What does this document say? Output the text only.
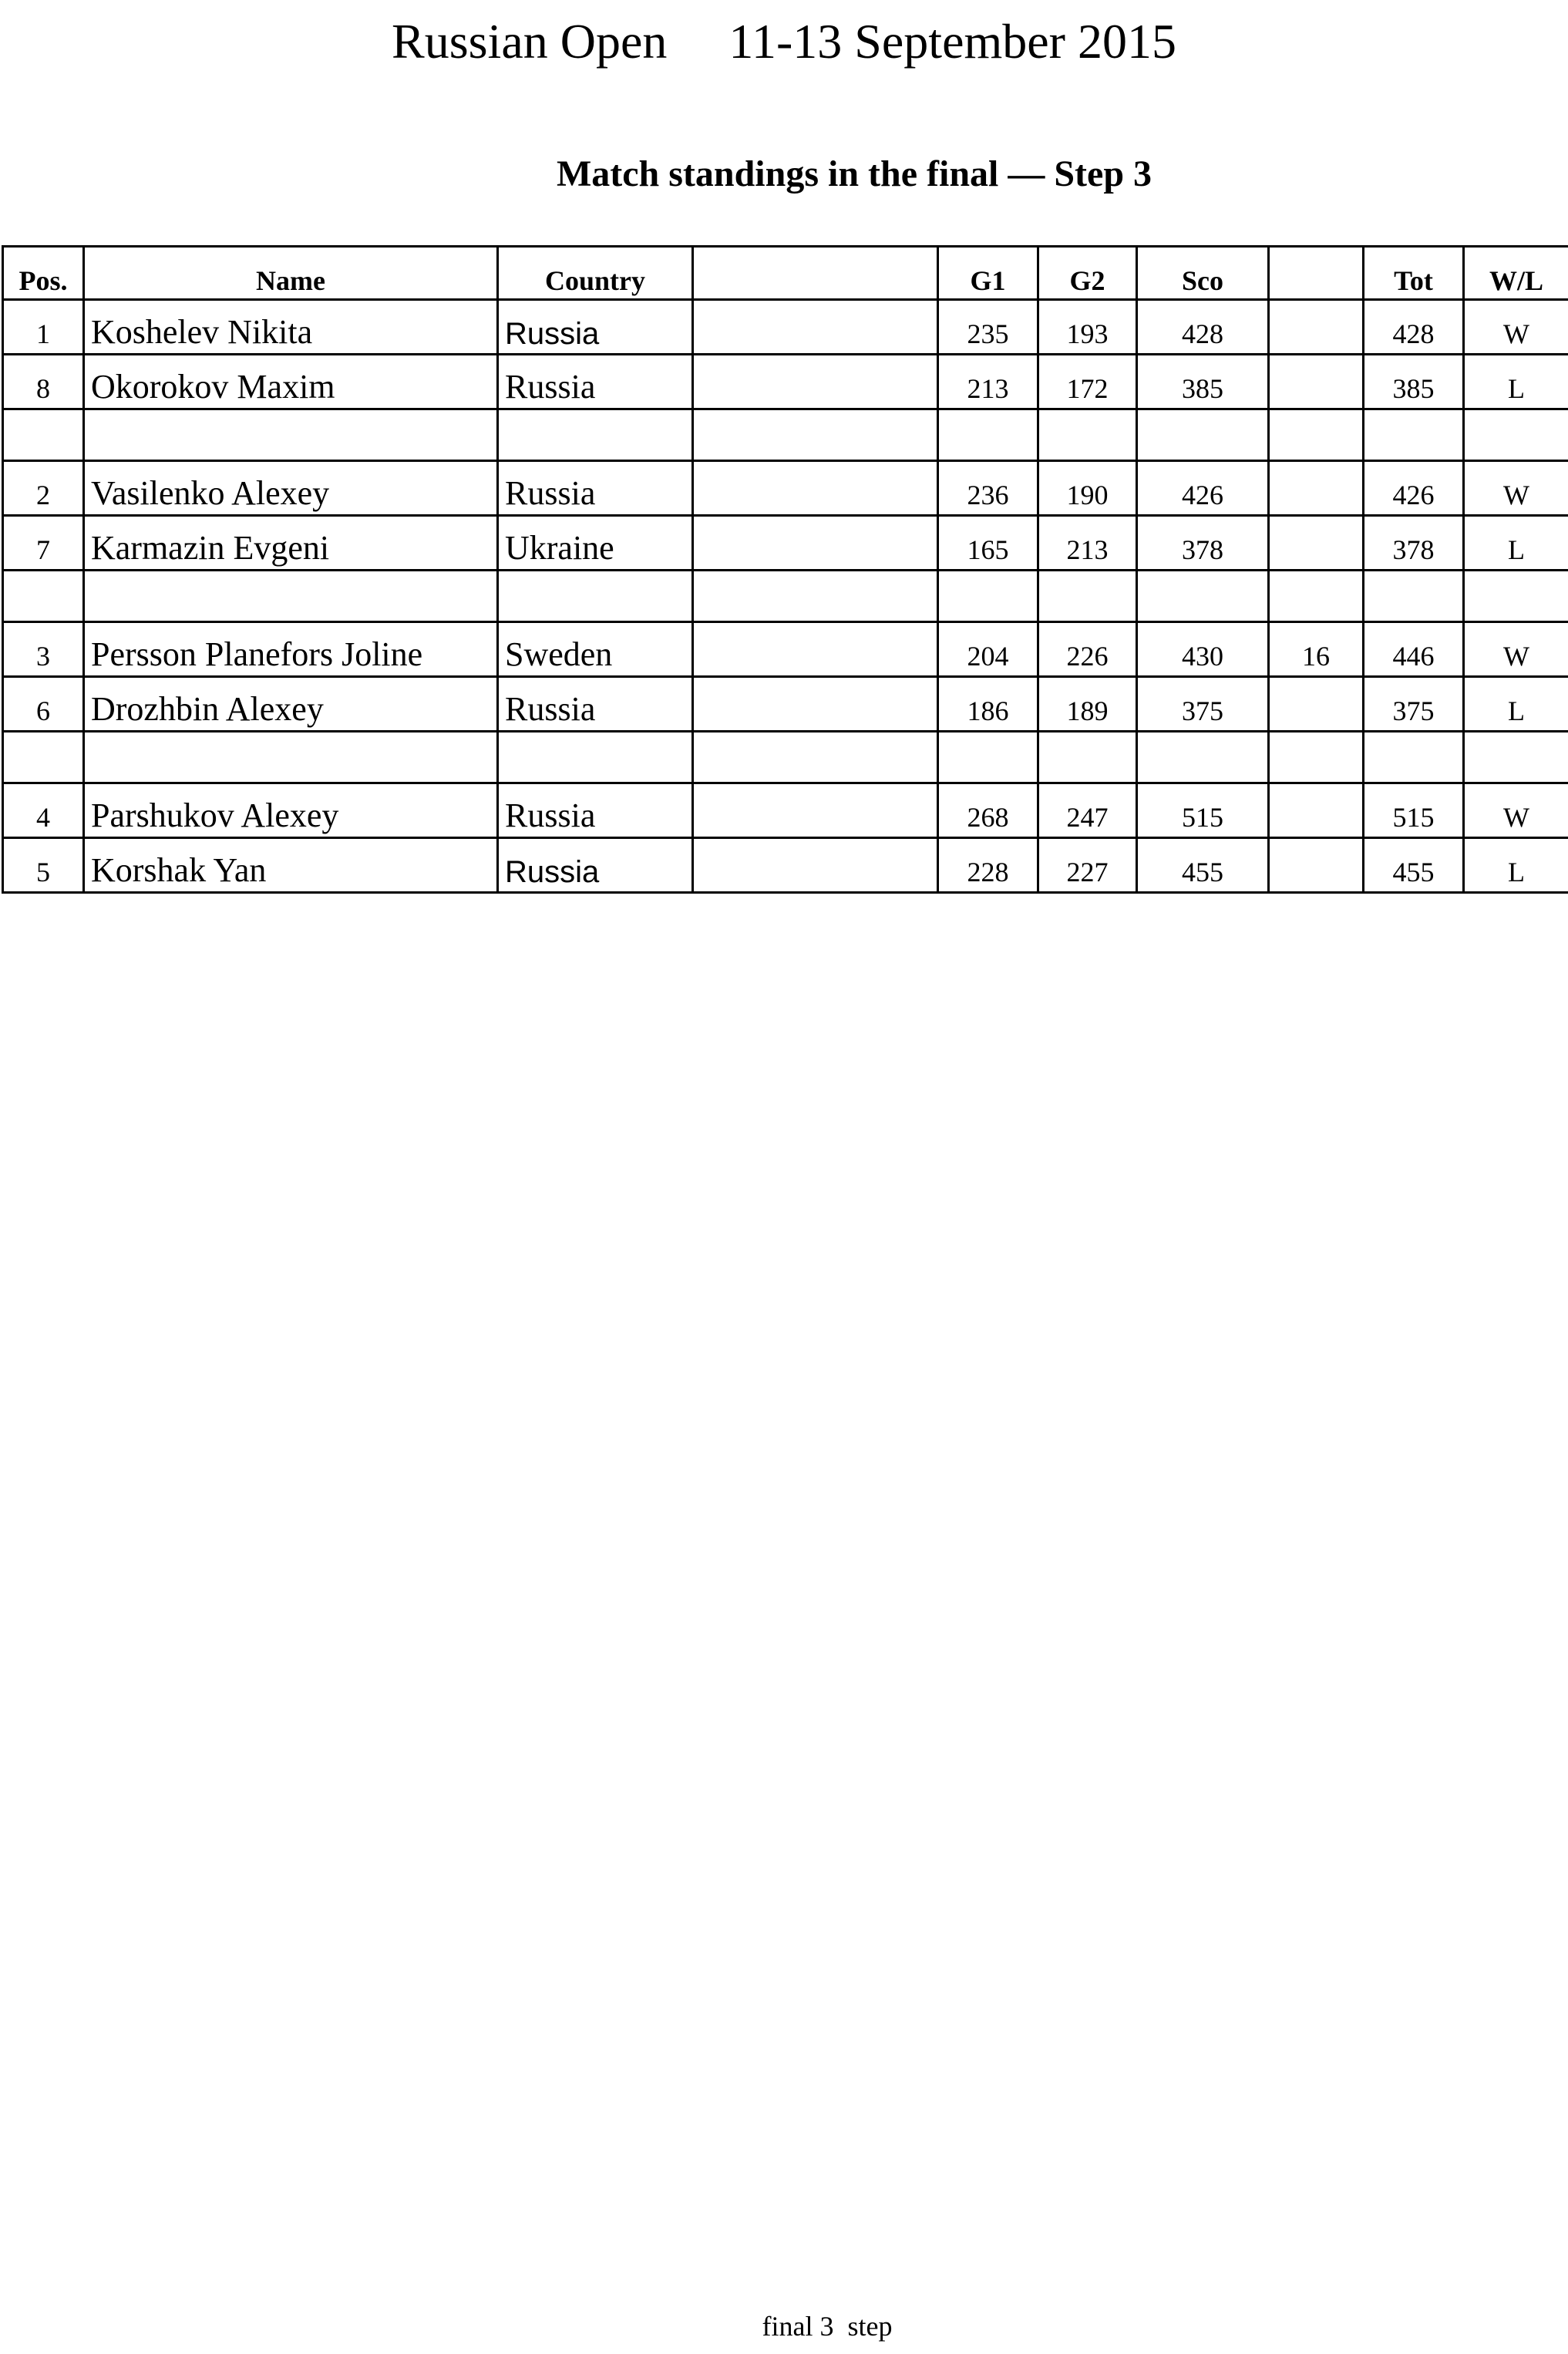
Russian Open 11-13 September 2015
Match standings in the final — Step 3
Pos.	Name	Country		G1	G2	Sco		Tot	W/L
1	Koshelev Nikita	Russia		235	193	428		428	W
8	Okorokov Maxim	Russia		213	172	385		385	L

2	Vasilenko Alexey	Russia		236	190	426		426	W
7	Karmazin Evgeni	Ukraine		165	213	378		378	L

3	Persson Planefors Joline	Sweden		204	226	430	16	446	W
6	Drozhbin Alexey	Russia		186	189	375		375	L

4	Parshukov Alexey	Russia		268	247	515		515	W
5	Korshak Yan	Russia		228	227	455		455	L
final 3  step
